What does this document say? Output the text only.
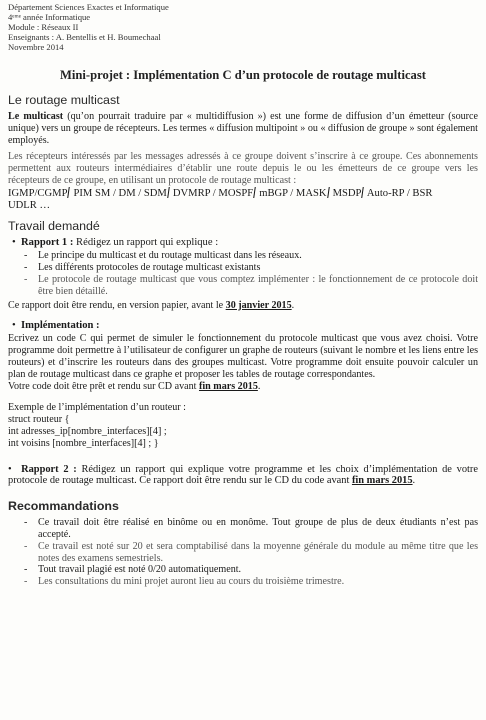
Département Sciences Exactes et Informatique
4ᵉᵐᵉ année Informatique
Module : Réseaux II
Enseignants : A. Bentellis et H. Boumechaal
Novembre 2014
Mini-projet : Implémentation C d’un protocole de routage multicast
Le routage multicast

Le multicast (qu’on pourrait traduire par « multidiffusion ») est une forme de diffusion d’un émetteur (source unique) vers un groupe de récepteurs. Les termes « diffusion multipoint » ou « diffusion de groupe » sont également employés.

Les récepteurs intéressés par les messages adressés à ce groupe doivent s’inscrire à ce groupe. Ces abonnements permettent aux routeurs intermédiaires d’établir une route depuis le ou les émetteurs de ce groupe vers les récepteurs de ce groupe, en utilisant un protocole de routage multicast :

IGMP/CGMP PIM SM / DM / SDM DVMRP / MOSPF mBGP / MASK MSDP Auto-RP / BSR
UDLR …

Travail demandé
•  Rapport 1 : Rédigez un rapport qui explique :
- Le principe du multicast et du routage multicast dans les réseaux.
- Les différents protocoles de routage multicast existants
- Le protocole de routage multicast que vous comptez implémenter : le fonctionnement de ce protocole doit être bien détaillé.

Ce rapport doit être rendu, en version papier, avant le 30 janvier 2015.

•  Implémentation :

Ecrivez un code C qui permet de simuler le fonctionnement du protocole multicast que vous avez choisi. Votre programme doit permettre à l’utilisateur de configurer un graphe de routeurs (suivant le nombre et les liens entre les routeurs) et d’inscrire les routeurs dans des groupes multicast. Votre programme doit ensuite pouvoir calculer un plan de routage multicast dans ce graphe et proposer les tables de routage correspondantes.

Votre code doit être prêt et rendu sur CD avant fin mars 2015.

Exemple de l’implémentation d’un routeur :

struct routeur {
int adresses_ip[nombre_interfaces][4] ;
int voisins [nombre_interfaces][4] ; }

•  Rapport 2 : Rédigez un rapport qui explique votre programme et les choix d’implémentation de votre protocole de routage multicast. Ce rapport doit être rendu sur le CD du code avant fin mars 2015.

Recommandations
- Ce travail doit être réalisé en binôme ou en monôme. Tout groupe de plus de deux étudiants n’est pas accepté.
- Ce travail est noté sur 20 et sera comptabilisé dans la moyenne générale du module au même titre que les notes des examens semestriels.
- Tout travail plagié est noté 0/20 automatiquement.
- Les consultations du mini projet auront lieu au cours du troisième trimestre.
